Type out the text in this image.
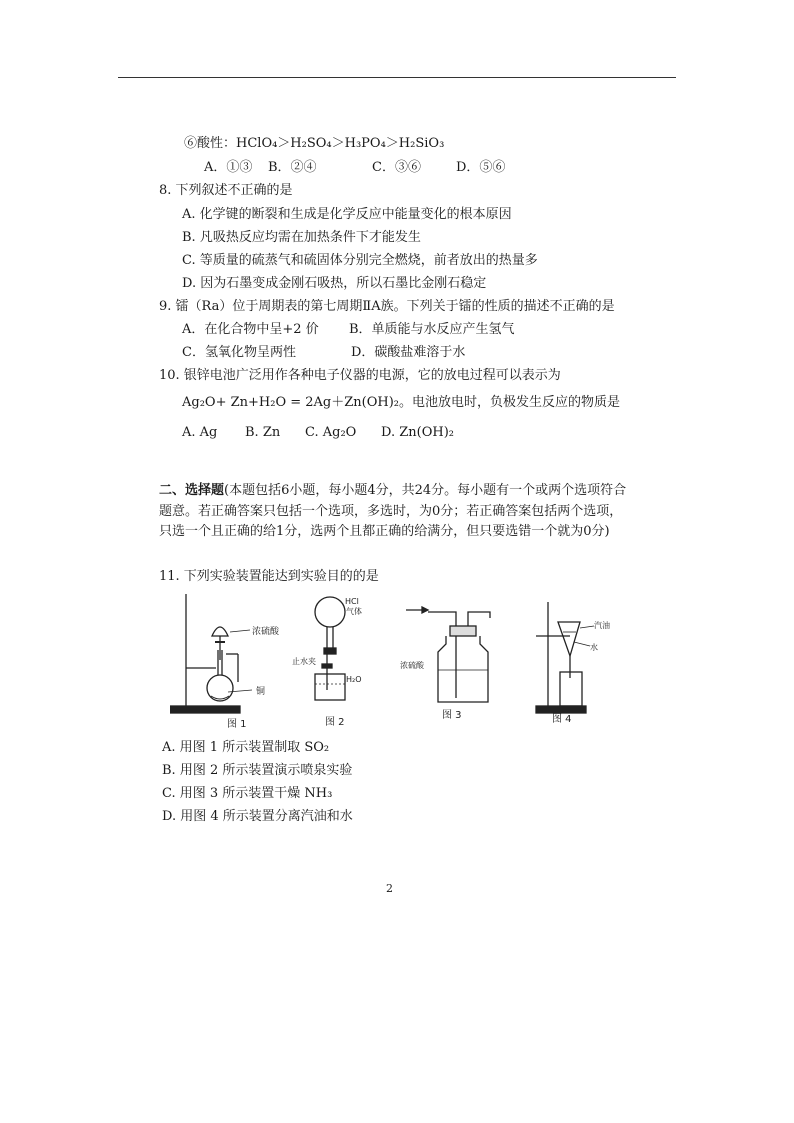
⑥酸性：HClO₄＞H₂SO₄＞H₃PO₄＞H₂SiO₃
A．①③ B．②④	C．③⑥	D．⑤⑥
8. 下列叙述不正确的是
A. 化学键的断裂和生成是化学反应中能量变化的根本原因
B. 凡吸热反应均需在加热条件下才能发生
C. 等质量的硫蒸气和硫固体分别完全燃烧，前者放出的热量多
D. 因为石墨变成金刚石吸热，所以石墨比金刚石稳定
9. 镭（Ra）位于周期表的第七周期ⅡA族。下列关于镭的性质的描述不正确的是
A．在化合物中呈+2 价 B．单质能与水反应产生氢气
C．氢氧化物呈两性	D．碳酸盐难溶于水
10. 银锌电池广泛用作各种电子仪器的电源，它的放电过程可以表示为
Ag₂O+ Zn+H₂O = 2Ag＋Zn(OH)₂。电池放电时，负极发生反应的物质是
A. Ag B. Zn C. Ag₂O D. Zn(OH)₂
二、选择题(本题包括6小题，每小题4分，共24分。每小题有一个或两个选项符合
题意。若正确答案只包括一个选项，多选时，为0分；若正确答案包括两个选项，
只选一个且正确的给1分，选两个且都正确的给满分，但只要选错一个就为0分)
11. 下列实验装置能达到实验目的的是
浓硫酸
铜
图 1
HCl
气体
止水夹
H₂O
图 2
浓硫酸
图 3
汽油
水
图 4
A. 用图 1 所示装置制取 SO₂
B. 用图 2 所示装置演示喷泉实验
C. 用图 3 所示装置干燥 NH₃
D. 用图 4 所示装置分离汽油和水
2
